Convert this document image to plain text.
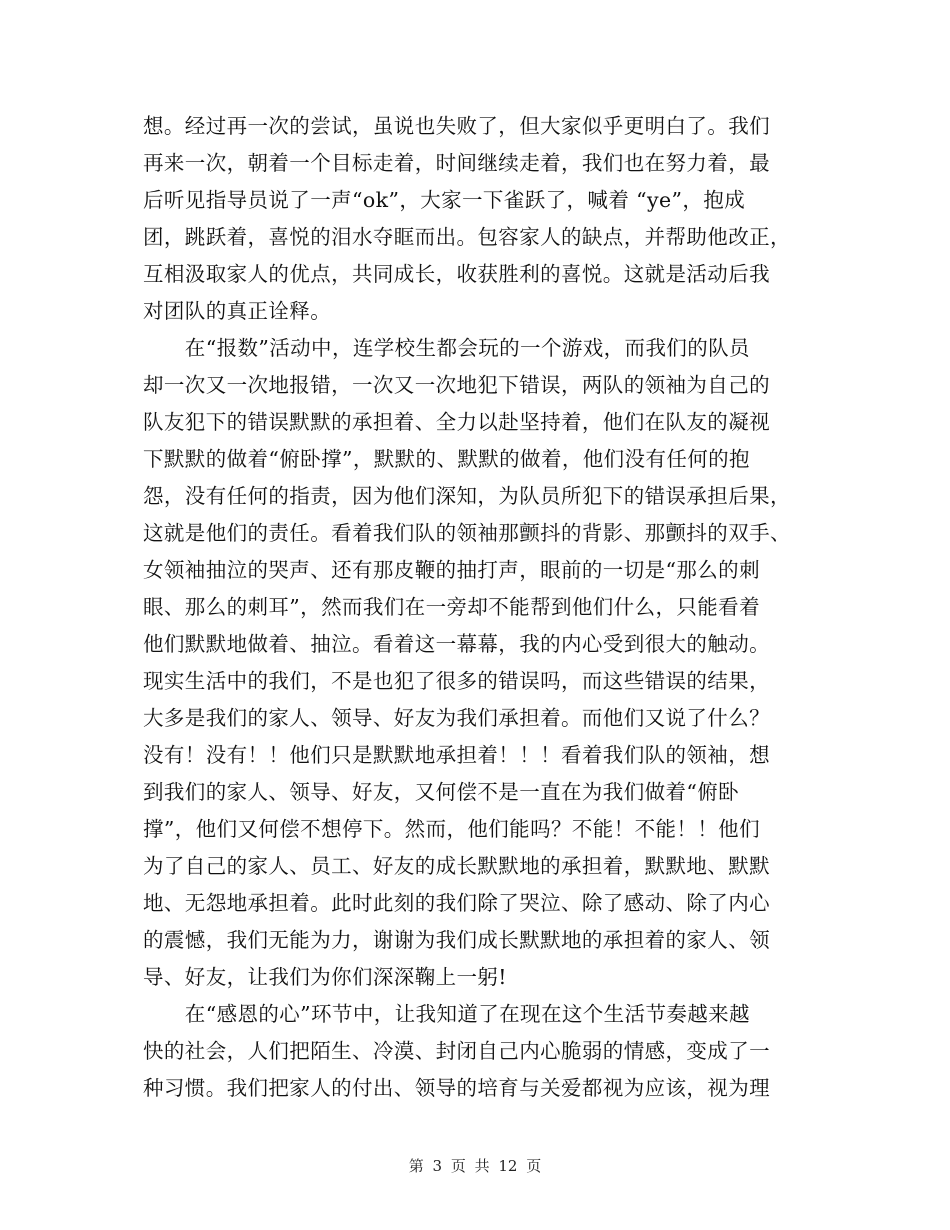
想。经过再一次的尝试，虽说也失败了，但大家似乎更明白了。我们
再来一次，朝着一个目标走着，时间继续走着，我们也在努力着，最
后听见指导员说了一声“ok”，大家一下雀跃了，喊着 “ye”，抱成
团，跳跃着，喜悦的泪水夺眶而出。包容家人的缺点，并帮助他改正，
互相汲取家人的优点，共同成长，收获胜利的喜悦。这就是活动后我
对团队的真正诠释。
　　在“报数”活动中，连学校生都会玩的一个游戏，而我们的队员
却一次又一次地报错，一次又一次地犯下错误，两队的领袖为自己的
队友犯下的错误默默的承担着、全力以赴坚持着，他们在队友的凝视
下默默的做着“俯卧撑”，默默的、默默的做着，他们没有任何的抱
怨，没有任何的指责，因为他们深知，为队员所犯下的错误承担后果，
这就是他们的责任。看着我们队的领袖那颤抖的背影、那颤抖的双手、
女领袖抽泣的哭声、还有那皮鞭的抽打声，眼前的一切是“那么的刺
眼、那么的刺耳”，然而我们在一旁却不能帮到他们什么，只能看着
他们默默地做着、抽泣。看着这一幕幕，我的内心受到很大的触动。
现实生活中的我们，不是也犯了很多的错误吗，而这些错误的结果，
大多是我们的家人、领导、好友为我们承担着。而他们又说了什么？
没有！没有！！他们只是默默地承担着！！！看着我们队的领袖，想
到我们的家人、领导、好友，又何偿不是一直在为我们做着“俯卧
撑”，他们又何偿不想停下。然而，他们能吗？不能！不能！！他们
为了自己的家人、员工、好友的成长默默地的承担着，默默地、默默
地、无怨地承担着。此时此刻的我们除了哭泣、除了感动、除了内心
的震憾，我们无能为力，谢谢为我们成长默默地的承担着的家人、领
导、好友，让我们为你们深深鞠上一躬!
　　在“感恩的心”环节中，让我知道了在现在这个生活节奏越来越
快的社会，人们把陌生、冷漠、封闭自己内心脆弱的情感，变成了一
种习惯。我们把家人的付出、领导的培育与关爱都视为应该，视为理
第 3 页 共 12 页
